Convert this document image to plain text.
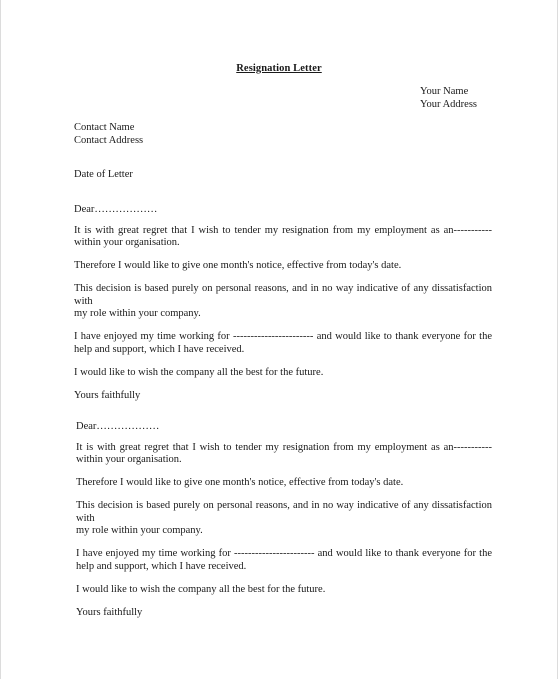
Resignation Letter
Your Name
Your Address
Contact Name
Contact Address
Date of Letter

Dear………………

It is with great regret that I wish to tender my resignation from my employment as an-----------
within your organisation.

Therefore I would like to give one month's notice, effective from today's date.

This decision is based purely on personal reasons, and in no way indicative of any dissatisfaction with
my role within your company.

I have enjoyed my time working for ----------------------- and would like to thank everyone for the
help and support, which I have received.

I would like to wish the company all the best for the future.

Yours faithfully

Dear………………

It is with great regret that I wish to tender my resignation from my employment as an-----------
within your organisation.

Therefore I would like to give one month's notice, effective from today's date.

This decision is based purely on personal reasons, and in no way indicative of any dissatisfaction with
my role within your company.

I have enjoyed my time working for ----------------------- and would like to thank everyone for the
help and support, which I have received.

I would like to wish the company all the best for the future.

Yours faithfully
